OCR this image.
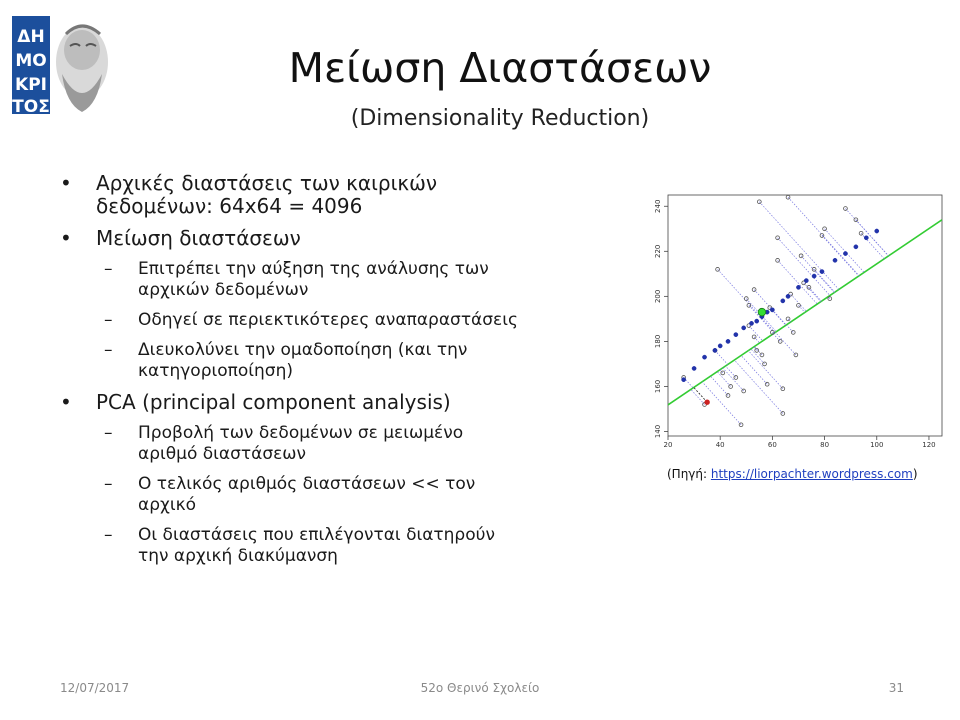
ΔΗ
ΜΟ
ΚΡΙ
ΤΟΣ
Μείωση Διαστάσεων
(Dimensionality Reduction)
• Αρχικές διαστάσεις των καιρικών
δεδομένων: 64x64 = 4096
• Μείωση διαστάσεων
– Επιτρέπει την αύξηση της ανάλυσης των
αρχικών δεδομένων
– Οδηγεί σε περιεκτικότερες αναπαραστάσεις
– Διευκολύνει την ομαδοποίηση (και την
κατηγοριοποίηση)
• PCA (principal component analysis)
– Προβολή των δεδομένων σε μειωμένο
αριθμό διαστάσεων
– Ο τελικός αριθμός διαστάσεων << τον
αρχικό
– Οι διαστάσεις που επιλέγονται διατηρούν
την αρχική διακύμανση
20	40	60	80	100	120
140
160
180
200
220
240
(Πηγή: https://liorpachter.wordpress.com)
12/07/2017	52ο Θερινό Σχολείο	31
